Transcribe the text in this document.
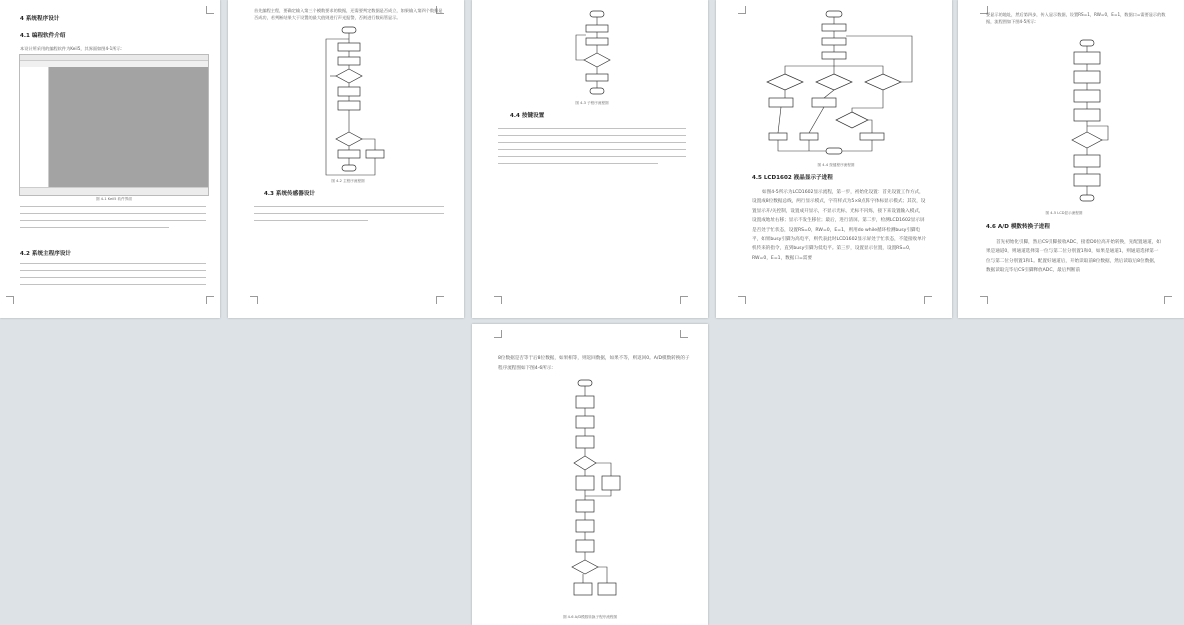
4 系统程序设计
4.1 编程软件介绍
本设计所采用的编程软件为Keil5，其界面如图4-1所示：
图 4-1 Keil5 软件界面
4.2 系统主程序设计
首先编程主程，要确定输入第三个模数要求的数据，还需要判定数据是否成立，如果输入第四个数据是否成功，若判断结果大于设置的最大值则进行声光报警，否则进行数码管显示。
图 4-2 主程序流程图
4.3 系统传感器设计
图 4-3 子程序流程图
4.4 按键设置
图 4-4 按键程序流程图
4.5 LCD1602 液晶显示子进程
如图4-5所示为LCD1602显示流程，第一步，初始化设置：首先设置工作方式，设置成8位数据总线，两行显示模式，字符样式为5×8点阵字体标显示模式；其次，设置显示开/关控制，设置成开显示，不显示光标，光标不闪烁，接下来设置输入模式，设置成地址右移；显示不发生移位；最后，进行清屏。第二步，检测LCD1602显示屏是否处于忙状态，设置RS=0，RW=0，E=1，则用do while循环检测busy引脚电平，如果busy引脚为高电平，则代表此时LCD1602显示屏处于忙状态，不能接收单片机传来的指令，直到busy引脚为低电平。第三步，设置显示位置，设置RS=0，RW=0，E=1，数据口=需要
要显示的地址，然后第四步，传入显示数据，设置RS=1，RW=0，E=1，数据口=需要显示的数据，流程图如下图4-5所示：
图 4-5 LCD显示流程图
4.6 A/D 模数转换子进程
首先初始化引脚，然后CS引脚接收ADC，接着D0位高开始转换，先配置通道，如果是通道0，则通道选择第一位与第二位分别置1和0，如果是通道1，则通道选择第一位与第二位分别置1和1。配置好通道后，开始读取前8位数据，然后读取后8位数据，数据读取完毕后CS引脚释放ADC，最后判断前
8位数据是否等于后8位数据，如果相等，则返回数据，如果不等，则返回0。A/D模数转换的子程序流程图如下图4-6所示：
图 4-6 A/D模数转换子程序流程图
